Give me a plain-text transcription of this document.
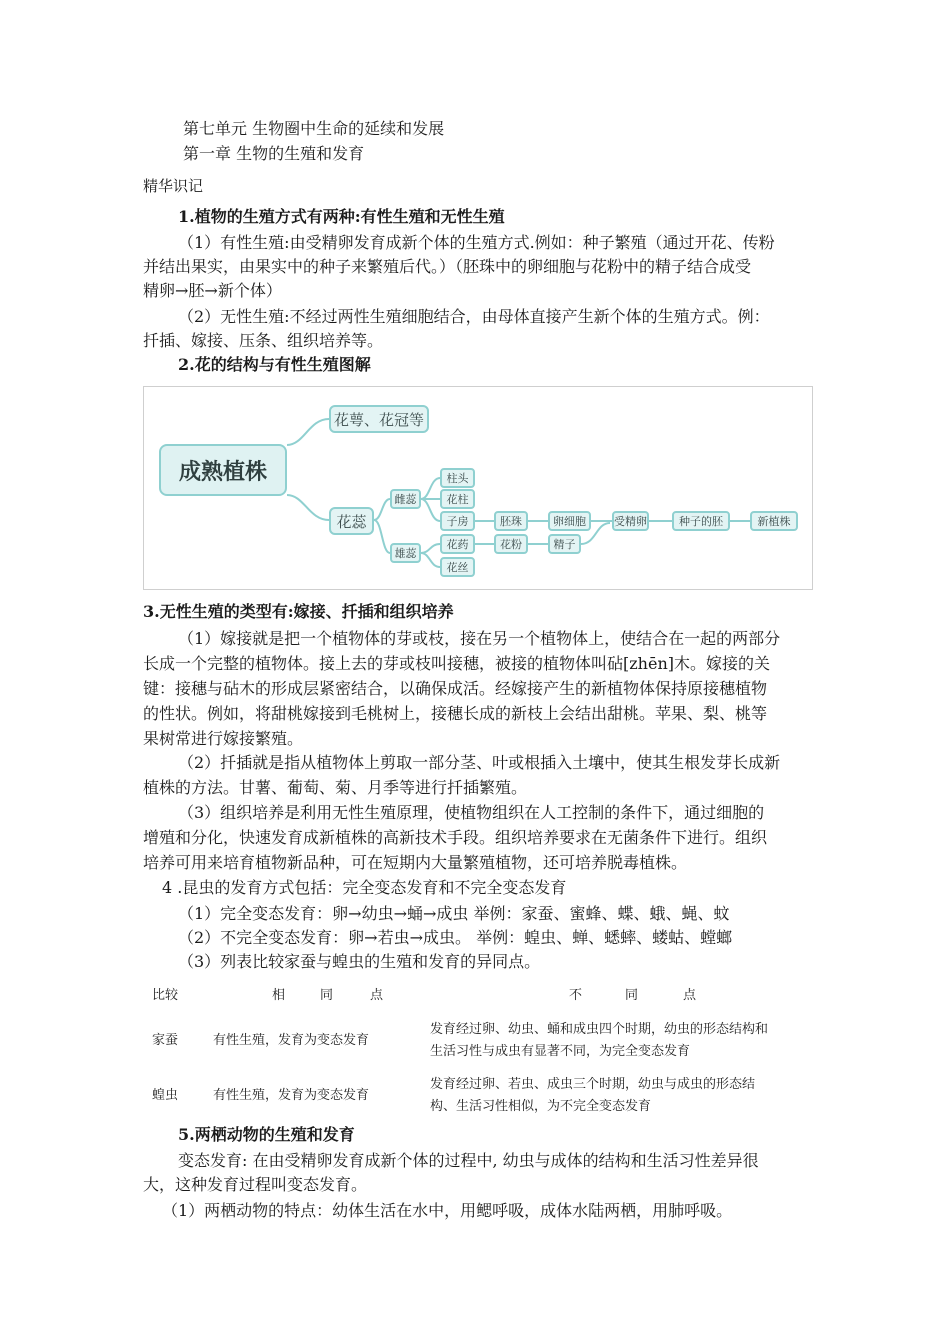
第七单元 生物圈中生命的延续和发展
第一章 生物的生殖和发育
精华识记
1.植物的生殖方式有两种:有性生殖和无性生殖
（1）有性生殖:由受精卵发育成新个体的生殖方式.例如：种子繁殖（通过开花、传粉
并结出果实，由果实中的种子来繁殖后代。）（胚珠中的卵细胞与花粉中的精子结合成受
精卵→胚→新个体）
（2）无性生殖:不经过两性生殖细胞结合，由母体直接产生新个体的生殖方式。例：
扦插、嫁接、压条、组织培养等。
2.花的结构与有性生殖图解
成熟植株
花萼、花冠等
花蕊
雌蕊
雄蕊
柱头
花柱
子房
花药
花丝
胚珠	卵细胞
花粉	精子
受精卵	种子的胚	新植株
3.无性生殖的类型有:嫁接、扦插和组织培养
（1）嫁接就是把一个植物体的芽或枝，接在另一个植物体上，使结合在一起的两部分
长成一个完整的植物体。接上去的芽或枝叫接穗，被接的植物体叫砧[zhēn]木。嫁接的关
键：接穗与砧木的形成层紧密结合，以确保成活。经嫁接产生的新植物体保持原接穗植物
的性状。例如，将甜桃嫁接到毛桃树上，接穗长成的新枝上会结出甜桃。苹果、梨、桃等
果树常进行嫁接繁殖。
（2）扦插就是指从植物体上剪取一部分茎、叶或根插入土壤中，使其生根发芽长成新
植株的方法。甘薯、葡萄、菊、月季等进行扦插繁殖。
（3）组织培养是利用无性生殖原理，使植物组织在人工控制的条件下，通过细胞的
增殖和分化，快速发育成新植株的高新技术手段。组织培养要求在无菌条件下进行。组织
培养可用来培育植物新品种，可在短期内大量繁殖植物，还可培养脱毒植株。
4 .昆虫的发育方式包括：完全变态发育和不完全变态发育
（1）完全变态发育：卵→幼虫→蛹→成虫 举例：家蚕、蜜蜂、蝶、蛾、蝇、蚊
（2）不完全变态发育：卵→若虫→成虫。 举例：蝗虫、蝉、蟋蟀、蝼蛄、螳螂
（3）列表比较家蚕与蝗虫的生殖和发育的异同点。
比较	相	同	点	不	同	点
家蚕	有性生殖，发育为变态发育
发育经过卵、幼虫、蛹和成虫四个时期，幼虫的形态结构和
生活习性与成虫有显著不同，为完全变态发育
蝗虫	有性生殖，发育为变态发育
发育经过卵、若虫、成虫三个时期，幼虫与成虫的形态结
构、生活习性相似，为不完全变态发育
5.两栖动物的生殖和发育
变态发育: 在由受精卵发育成新个体的过程中, 幼虫与成体的结构和生活习性差异很
大，这种发育过程叫变态发育。
（1）两栖动物的特点：幼体生活在水中，用鳃呼吸，成体水陆两栖，用肺呼吸。
